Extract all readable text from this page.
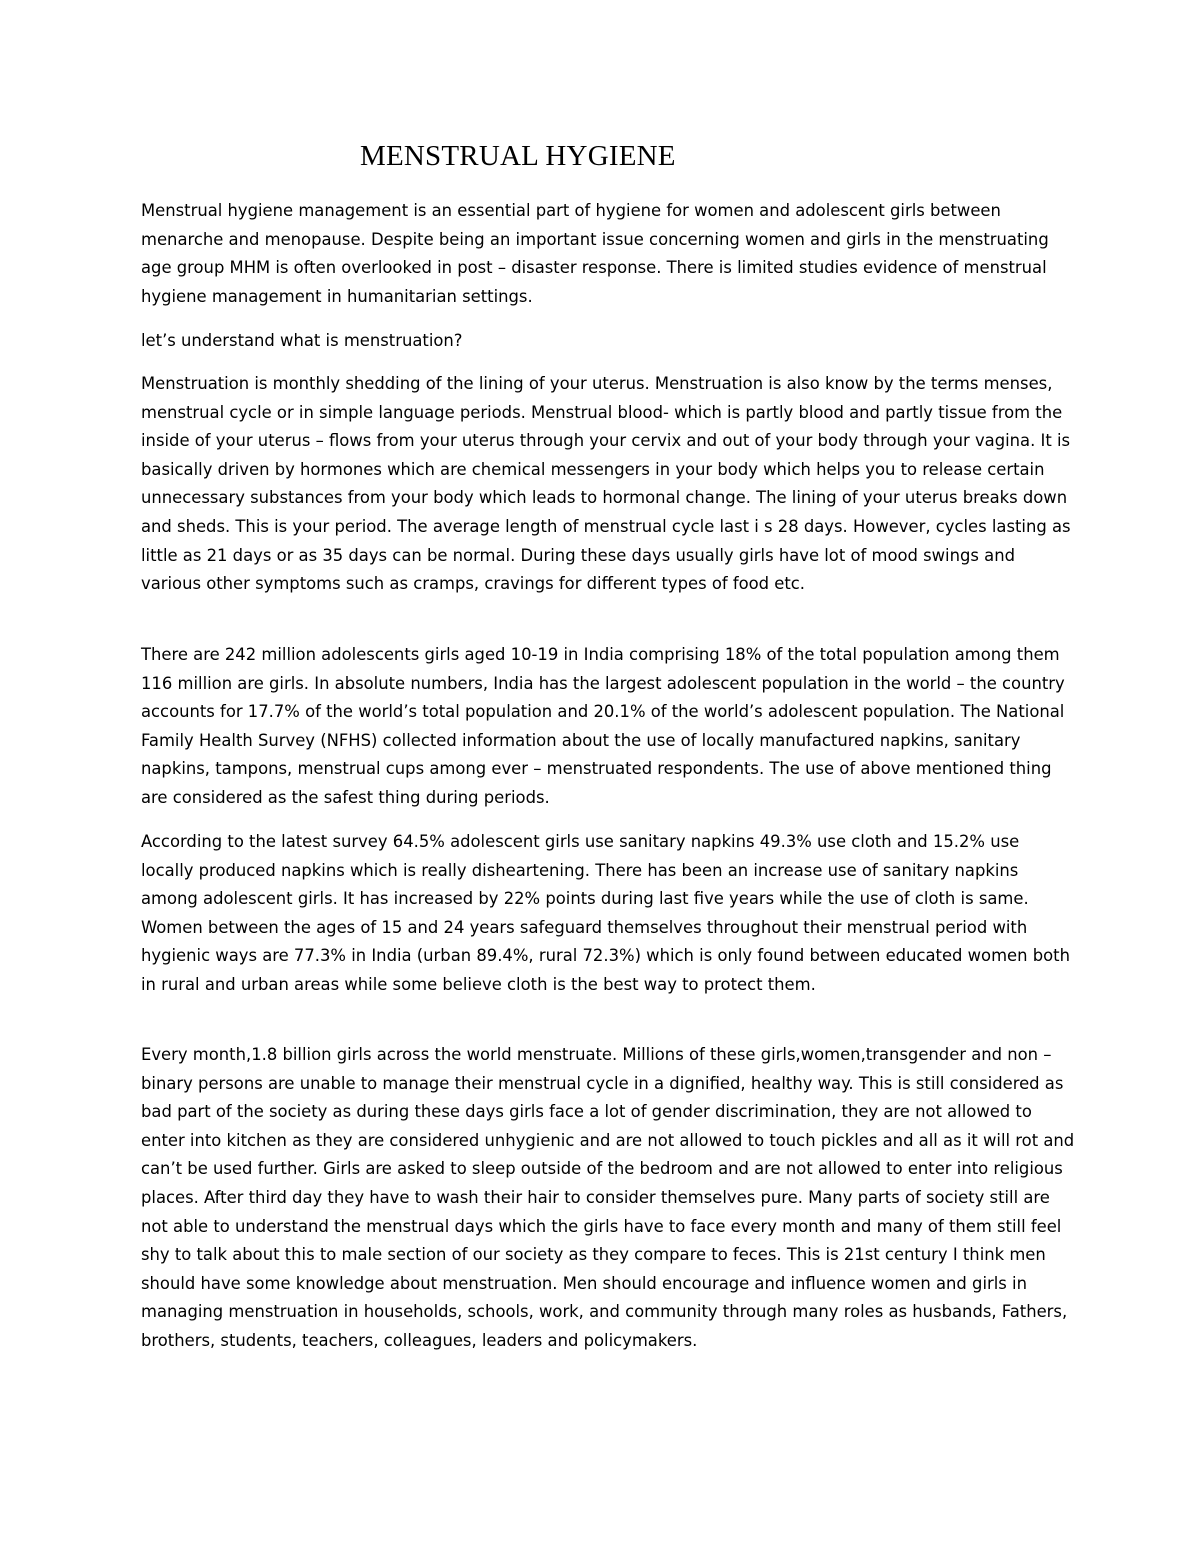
MENSTRUAL HYGIENE

Menstrual hygiene management is an essential part of hygiene for women and adolescent girls between menarche and menopause. Despite being an important issue concerning women and girls in the menstruating age group MHM is often overlooked in post – disaster response. There is limited studies evidence of menstrual hygiene management in humanitarian settings.

let’s understand what is menstruation?

Menstruation is monthly shedding of the lining of your uterus. Menstruation is also know by the terms menses, menstrual cycle or in simple language periods. Menstrual blood- which is partly blood and partly tissue from the inside of your uterus – flows from your uterus through your cervix and out of your body through your vagina. It is basically driven by hormones which are chemical messengers in your body which helps you to release certain unnecessary substances from your body which leads to hormonal change. The lining of your uterus breaks down and sheds. This is your period. The average length of menstrual cycle last i s 28 days. However, cycles lasting as little as 21 days or as 35 days can be normal. During these days usually girls have lot of mood swings and various other symptoms such as cramps, cravings for different types of food etc.

There are 242 million adolescents girls aged 10-19 in India comprising 18% of the total population among them 116 million are girls. In absolute numbers, India has the largest adolescent population in the world – the country accounts for 17.7% of the world’s total population and 20.1% of the world’s adolescent population. The National Family Health Survey (NFHS) collected information about the use of locally manufactured napkins, sanitary napkins, tampons, menstrual cups among ever – menstruated respondents. The use of above mentioned thing are considered as the safest thing during periods.

According to the latest survey 64.5% adolescent girls use sanitary napkins 49.3% use cloth and 15.2% use locally produced napkins which is really disheartening. There has been an increase use of sanitary napkins among adolescent girls. It has increased by 22% points during last five years while the use of cloth is same. Women between the ages of 15 and 24 years safeguard themselves throughout their menstrual period with hygienic ways are 77.3% in India (urban 89.4%, rural 72.3%) which is only found between educated women both in rural and urban areas while some believe cloth is the best way to protect them.

Every month,1.8 billion girls across the world menstruate. Millions of these girls,women,transgender and non – binary persons are unable to manage their menstrual cycle in a dignified, healthy way. This is still considered as bad part of the society as during these days girls face a lot of gender discrimination, they are not allowed to enter into kitchen as they are considered unhygienic and are not allowed to touch pickles and all as it will rot and can’t be used further. Girls are asked to sleep outside of the bedroom and are not allowed to enter into religious places. After third day they have to wash their hair to consider themselves pure. Many parts of society still are not able to understand the menstrual days which the girls have to face every month and many of them still feel shy to talk about this to male section of our society as they compare to feces. This is 21st century I think men should have some knowledge about menstruation. Men should encourage and influence women and girls in managing menstruation in households, schools, work, and community through many roles as husbands, Fathers, brothers, students, teachers, colleagues, leaders and policymakers.
